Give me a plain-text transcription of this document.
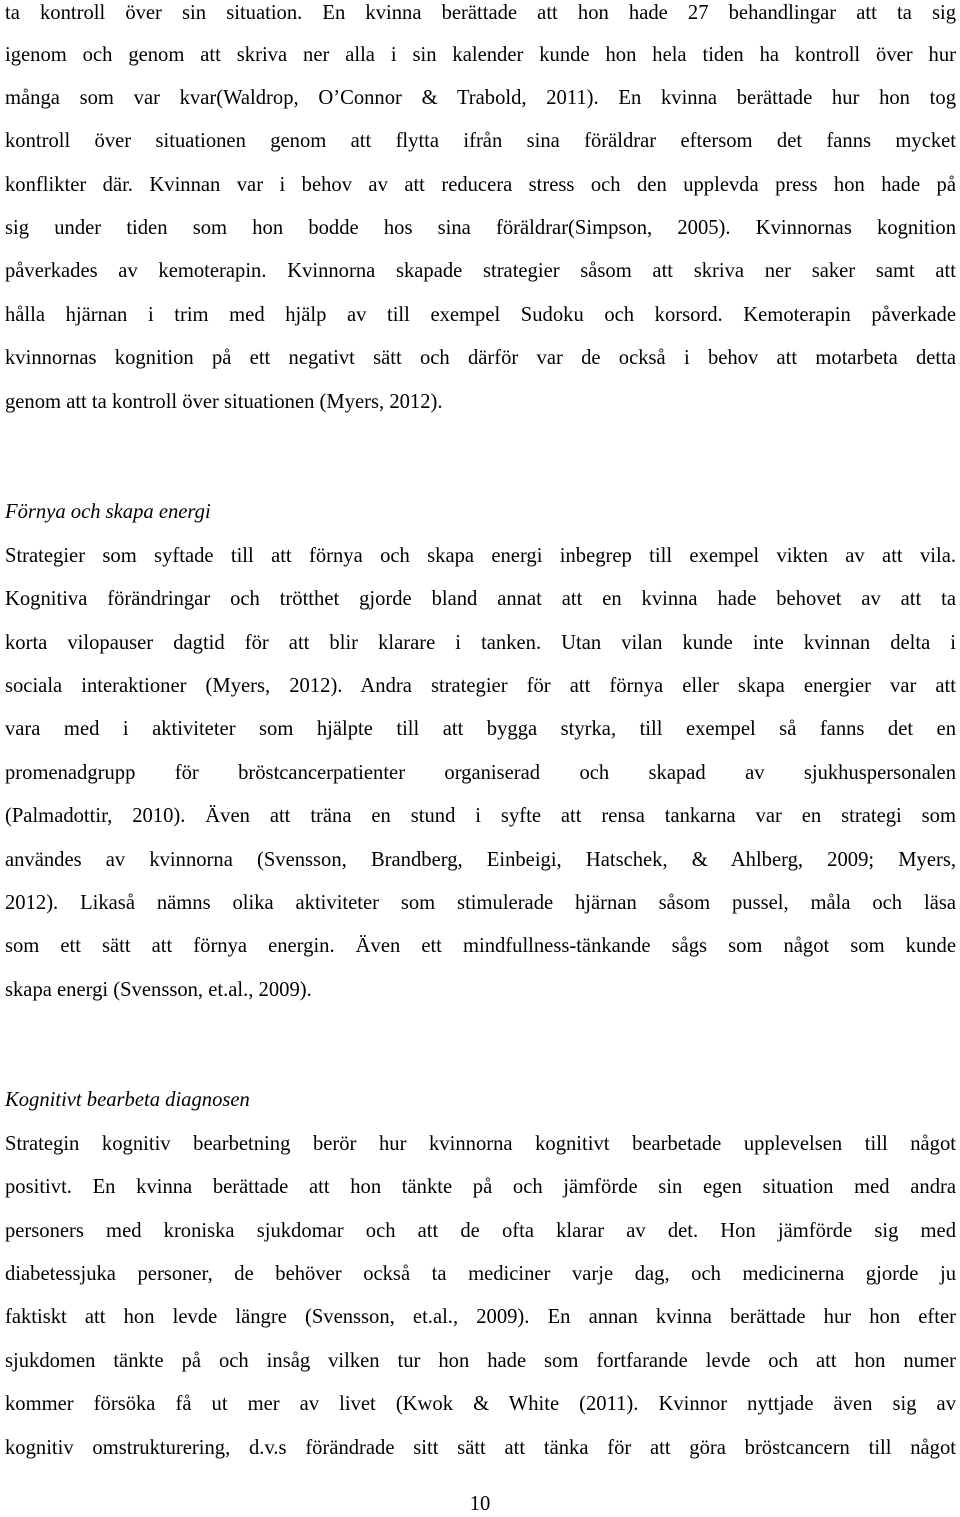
ta kontroll över sin situation. En kvinna berättade att hon hade 27 behandlingar att ta sig
igenom och genom att skriva ner alla i sin kalender kunde hon hela tiden ha kontroll över hur
många som var kvar(Waldrop, O’Connor & Trabold, 2011). En kvinna berättade hur hon tog
kontroll över situationen genom att flytta ifrån sina föräldrar eftersom det fanns mycket
konflikter där. Kvinnan var i behov av att reducera stress och den upplevda press hon hade på
sig under tiden som hon bodde hos sina föräldrar(Simpson, 2005). Kvinnornas kognition
påverkades av kemoterapin. Kvinnorna skapade strategier såsom att skriva ner saker samt att
hålla hjärnan i trim med hjälp av till exempel Sudoku och korsord. Kemoterapin påverkade
kvinnornas kognition på ett negativt sätt och därför var de också i behov att motarbeta detta
genom att ta kontroll över situationen (Myers, 2012).
Förnya och skapa energi
Strategier som syftade till att förnya och skapa energi inbegrep till exempel vikten av att vila.
Kognitiva förändringar och trötthet gjorde bland annat att en kvinna hade behovet av att ta
korta vilopauser dagtid för att blir klarare i tanken. Utan vilan kunde inte kvinnan delta i
sociala interaktioner (Myers, 2012). Andra strategier för att förnya eller skapa energier var att
vara med i aktiviteter som hjälpte till att bygga styrka, till exempel så fanns det en
promenadgrupp för bröstcancerpatienter organiserad och skapad av sjukhuspersonalen
(Palmadottir, 2010). Även att träna en stund i syfte att rensa tankarna var en strategi som
användes av kvinnorna (Svensson, Brandberg, Einbeigi, Hatschek, & Ahlberg, 2009; Myers,
2012). Likaså nämns olika aktiviteter som stimulerade hjärnan såsom pussel, måla och läsa
som ett sätt att förnya energin. Även ett mindfullness-tänkande sågs som något som kunde
skapa energi (Svensson, et.al., 2009).
Kognitivt bearbeta diagnosen
Strategin kognitiv bearbetning berör hur kvinnorna kognitivt bearbetade upplevelsen till något
positivt. En kvinna berättade att hon tänkte på och jämförde sin egen situation med andra
personers med kroniska sjukdomar och att de ofta klarar av det. Hon jämförde sig med
diabetessjuka personer, de behöver också ta mediciner varje dag, och medicinerna gjorde ju
faktiskt att hon levde längre (Svensson, et.al., 2009). En annan kvinna berättade hur hon efter
sjukdomen tänkte på och insåg vilken tur hon hade som fortfarande levde och att hon numer
kommer försöka få ut mer av livet (Kwok & White (2011). Kvinnor nyttjade även sig av
kognitiv omstrukturering, d.v.s förändrade sitt sätt att tänka för att göra bröstcancern till något
10
